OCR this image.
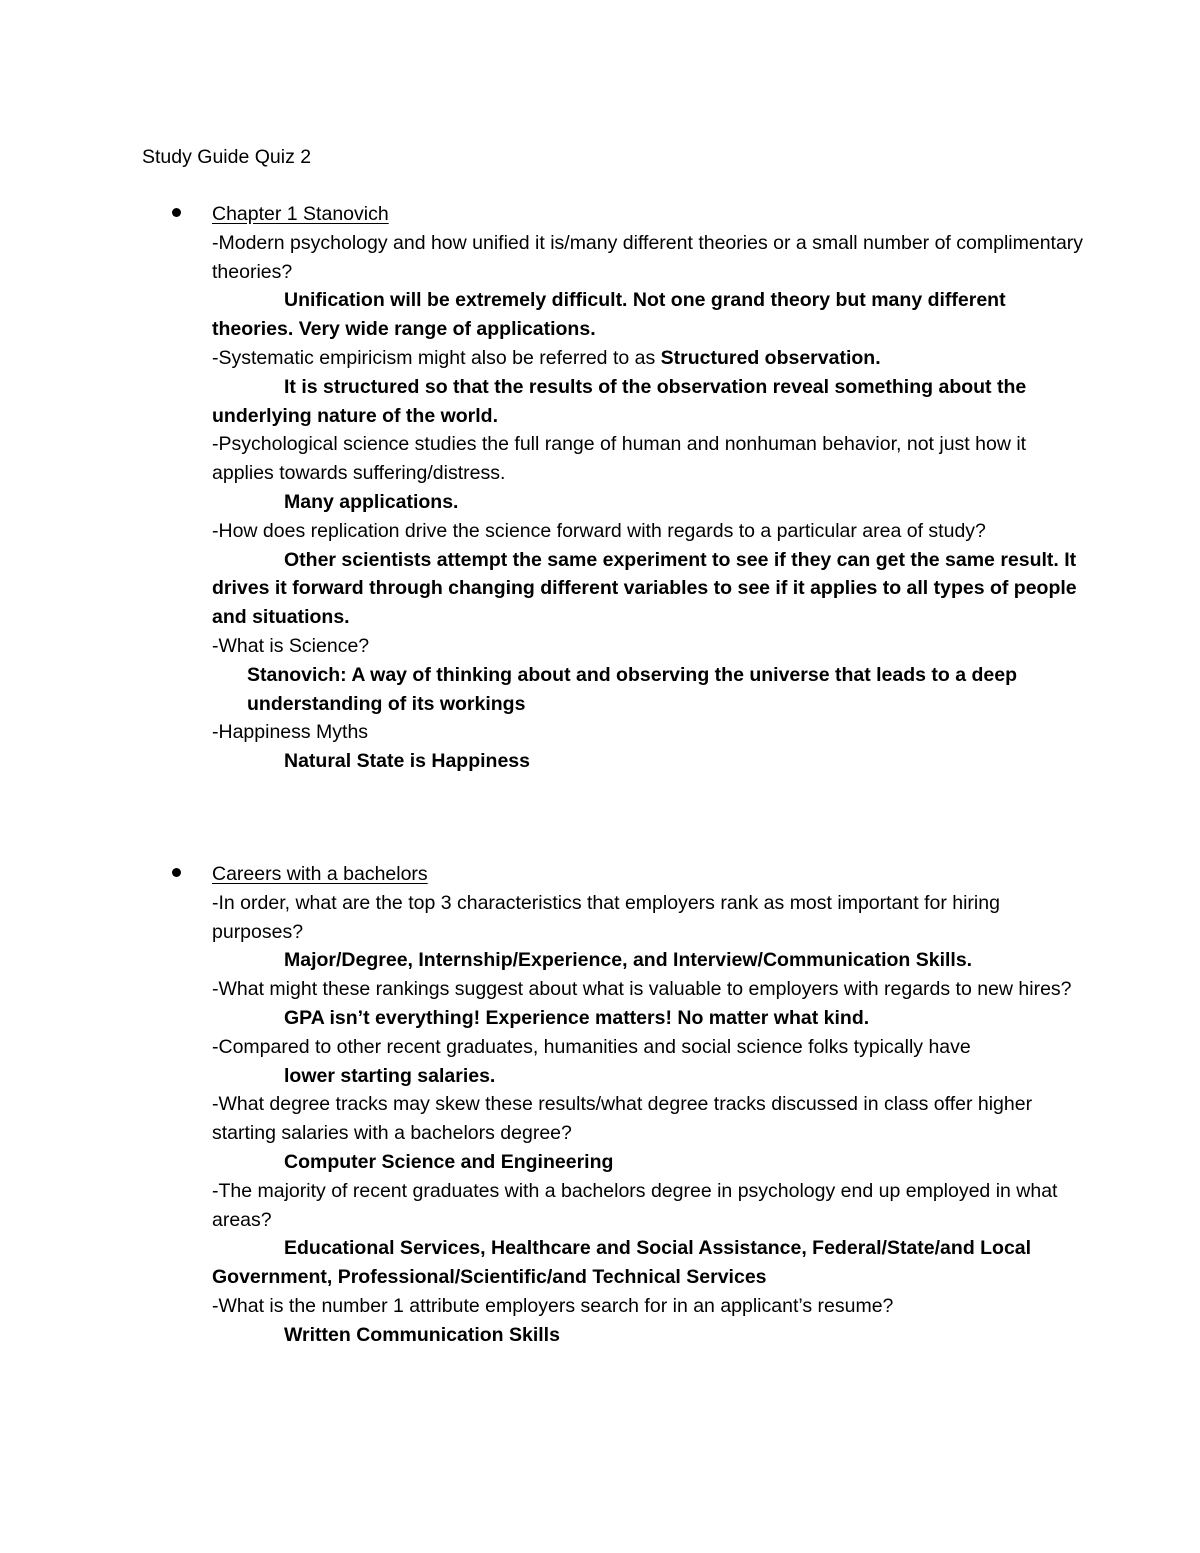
Study Guide Quiz 2

Chapter 1 Stanovich

-Modern psychology and how unified it is/many different theories or a small number of complimentary theories?

Unification will be extremely difficult. Not one grand theory but many different theories. Very wide range of applications.

-Systematic empiricism might also be referred to as Structured observation.

It is structured so that the results of the observation reveal something about the underlying nature of the world.

-Psychological science studies the full range of human and nonhuman behavior, not just how it applies towards suffering/distress.

Many applications.

-How does replication drive the science forward with regards to a particular area of study?

Other scientists attempt the same experiment to see if they can get the same result. It drives it forward through changing different variables to see if it applies to all types of people and situations.

-What is Science?

Stanovich: A way of thinking about and observing the universe that leads to a deep understanding of its workings

-Happiness Myths

Natural State is Happiness

Careers with a bachelors

-In order, what are the top 3 characteristics that employers rank as most important for hiring purposes?

Major/Degree, Internship/Experience, and Interview/Communication Skills.

-What might these rankings suggest about what is valuable to employers with regards to new hires?

GPA isn’t everything! Experience matters! No matter what kind.

-Compared to other recent graduates, humanities and social science folks typically have

lower starting salaries.

-What degree tracks may skew these results/what degree tracks discussed in class offer higher starting salaries with a bachelors degree?

Computer Science and Engineering

-The majority of recent graduates with a bachelors degree in psychology end up employed in what areas?

Educational Services, Healthcare and Social Assistance, Federal/State/and Local Government, Professional/Scientific/and Technical Services

-What is the number 1 attribute employers search for in an applicant’s resume?

Written Communication Skills
